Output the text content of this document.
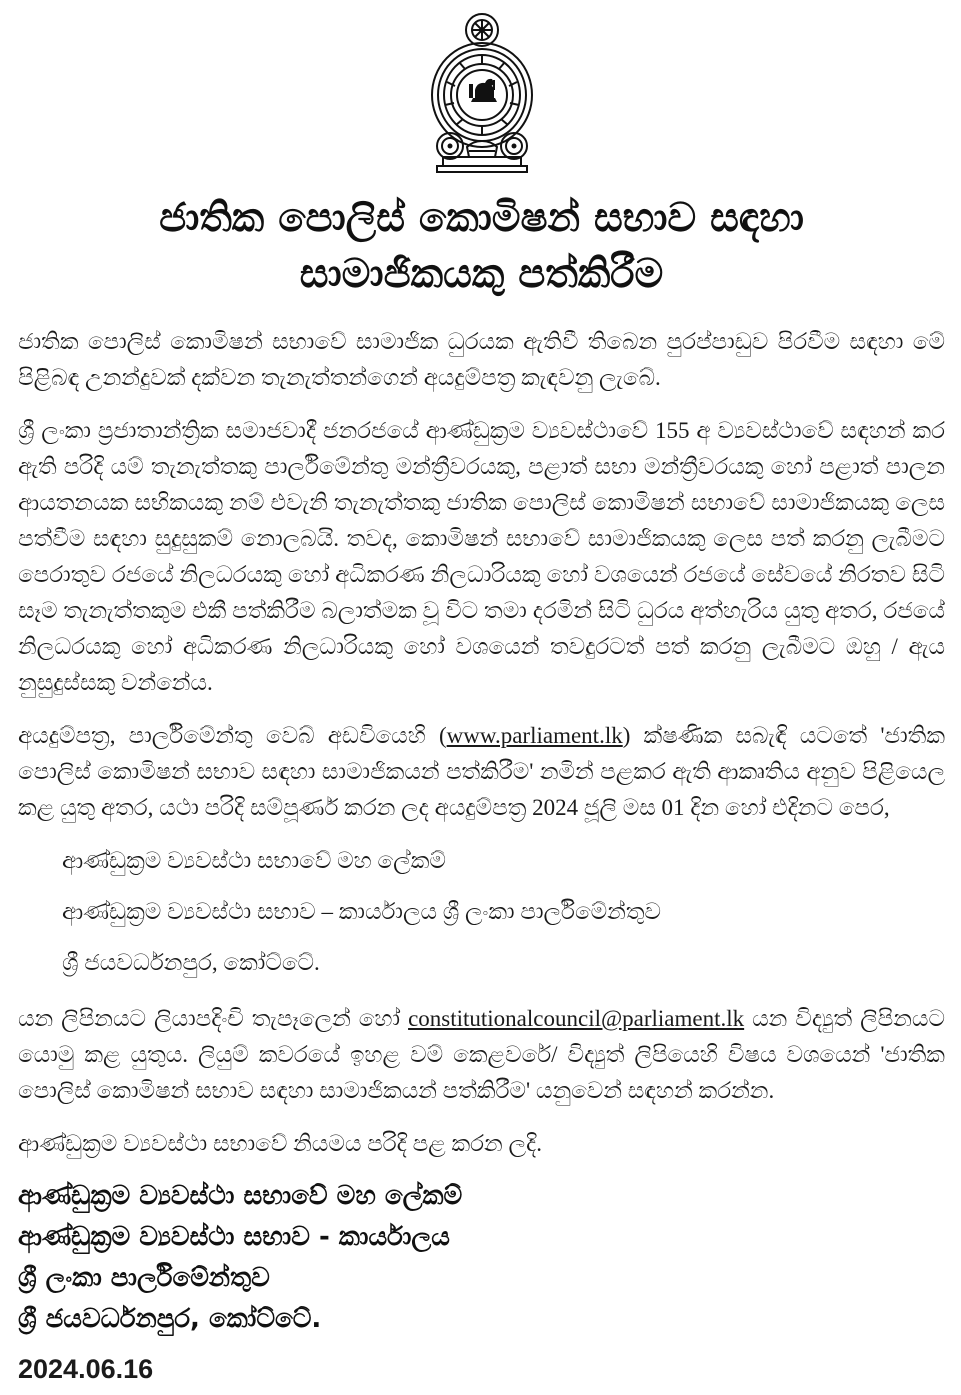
ජාතික පොලිස් කොමිෂන් සභාව සඳහා
සාමාජිකයකු පත්කිරීම

ජාතික පොලිස් කොමිෂන් සභාවේ සාමාජික ධුරයක ඇතිවී තිබෙන පුරප්පාඩුව පිරවීම සඳහා මේ පිළිබඳ උනන්දුවක් දක්වන තැනැත්තන්ගෙන් අයදුම්පත්‍ර කැඳවනු ලැබේ.

ශ්‍රී ලංකා ප්‍රජාතාන්ත්‍රික සමාජවාදී ජනරජයේ ආණ්ඩුක්‍රම ව්‍යවස්ථාවේ 155 අ ව්‍යවස්ථාවේ සඳහන් කර ඇති පරිදි යම් තැනැත්තකු පාර්ලිමේන්තු මන්ත්‍රීවරයකු, පළාත් සභා මන්ත්‍රීවරයකු හෝ පළාත් පාලන ආයතනයක සභිකයකු නම් එවැනි තැනැත්තකු ජාතික පොලිස් කොමිෂන් සභාවේ සාමාජිකයකු ලෙස පත්වීම සඳහා සුදුසුකම් නොලබයි. තවද, කොමිෂන් සභාවේ සාමාජිකයකු ලෙස පත් කරනු ලැබීමට පෙරාතුව රජයේ නිලධරයකු හෝ අධිකරණ නිලධාරියකු හෝ වශයෙන් රජයේ සේවයේ නිරතව සිටි සෑම තැනැත්තකුම එකී පත්කිරීම බලාත්මක වූ විට තමා දරමින් සිටි ධුරය අත්හැරිය යුතු අතර, රජයේ නිලධරයකු හෝ අධිකරණ නිලධාරියකු හෝ වශයෙන් තවදුරටත් පත් කරනු ලැබීමට ඔහු / ඇය නුසුදුස්සකු වන්නේය.

අයදුම්පත්‍ර, පාර්ලිමේන්තු වෙබ් අඩවියෙහි (www.parliament.lk) ක්ෂණික සබැඳි යටතේ 'ජාතික පොලිස් කොමිෂන් සභාව සඳහා සාමාජිකයන් පත්කිරීම' නමින් පළකර ඇති ආකෘතිය අනුව පිළියෙල කළ යුතු අතර, යථා පරිදි සම්පූර්ණ කරන ලද අයදුම්පත්‍ර 2024 ජූලි මස 01 දින හෝ එදිනට පෙර,

ආණ්ඩුක්‍රම ව්‍යවස්ථා සභාවේ මහ ලේකම්
ආණ්ඩුක්‍රම ව්‍යවස්ථා සභාව – කාර්යාලය ශ්‍රී ලංකා පාර්ලිමේන්තුව
ශ්‍රී ජයවර්ධනපුර, කෝට්ටේ.

යන ලිපිනයට ලියාපදිංචි තැපෑලෙන් හෝ constitutionalcouncil@parliament.lk යන විද්‍යුත් ලිපිනයට යොමු කළ යුතුය. ලියුම් කවරයේ ඉහළ වම් කෙළවරේ/ විද්‍යුත් ලිපියෙහි විෂය වශයෙන් 'ජාතික පොලිස් කොමිෂන් සභාව සඳහා සාමාජිකයන් පත්කිරීම' යනුවෙන් සඳහන් කරන්න.

ආණ්ඩුක්‍රම ව්‍යවස්ථා සභාවේ නියමය පරිදි පළ කරන ලදි.

ආණ්ඩුක්‍රම ව්‍යවස්ථා සභාවේ මහ ලේකම්
ආණ්ඩුක්‍රම ව්‍යවස්ථා සභාව - කාර්යාලය
ශ්‍රී ලංකා පාර්ලිමේන්තුව
ශ්‍රී ජයවර්ධනපුර, කෝට්ටේ.
2024.06.16
